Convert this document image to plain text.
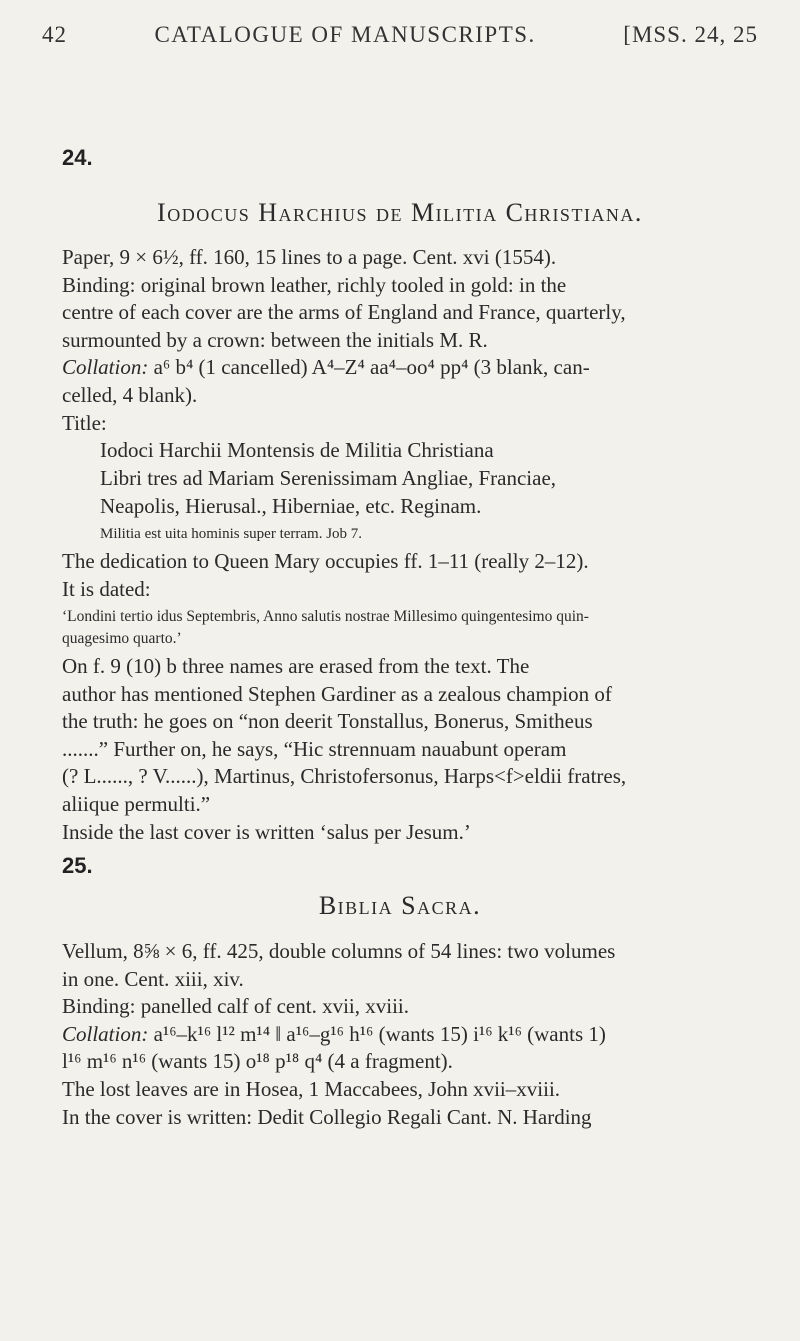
42	CATALOGUE OF MANUSCRIPTS.	[MSS. 24, 25
24.
Iodocus Harchius de Militia Christiana.
Paper, 9 × 6½, ff. 160, 15 lines to a page. Cent. xvi (1554).
Binding: original brown leather, richly tooled in gold: in the
centre of each cover are the arms of England and France, quarterly,
surmounted by a crown: between the initials M. R.
Collation: a⁶ b⁴ (1 cancelled) A⁴–Z⁴ aa⁴–oo⁴ pp⁴ (3 blank, can-
celled, 4 blank).
Title:
Iodoci Harchii Montensis de Militia Christiana
Libri tres ad Mariam Serenissimam Angliae, Franciae,
Neapolis, Hierusal., Hiberniae, etc. Reginam.
Militia est uita hominis super terram. Job 7.
The dedication to Queen Mary occupies ff. 1–11 (really 2–12).
It is dated:
‘Londini tertio idus Septembris, Anno salutis nostrae Millesimo quingentesimo quin-
quagesimo quarto.’
On f. 9 (10) b three names are erased from the text. The
author has mentioned Stephen Gardiner as a zealous champion of
the truth: he goes on “non deerit Tonstallus, Bonerus, Smitheus
.......” Further on, he says, “Hic strennuam nauabunt operam
(? L......, ? V......), Martinus, Christofersonus, Harps<f>eldii fratres,
aliique permulti.”
Inside the last cover is written ‘salus per Jesum.’
25.
Biblia Sacra.
Vellum, 8⅝ × 6, ff. 425, double columns of 54 lines: two volumes
in one. Cent. xiii, xiv.
Binding: panelled calf of cent. xvii, xviii.
Collation: a¹⁶–k¹⁶ l¹² m¹⁴ ‖ a¹⁶–g¹⁶ h¹⁶ (wants 15) i¹⁶ k¹⁶ (wants 1)
l¹⁶ m¹⁶ n¹⁶ (wants 15) o¹⁸ p¹⁸ q⁴ (4 a fragment).
The lost leaves are in Hosea, 1 Maccabees, John xvii–xviii.
In the cover is written: Dedit Collegio Regali Cant. N. Harding
